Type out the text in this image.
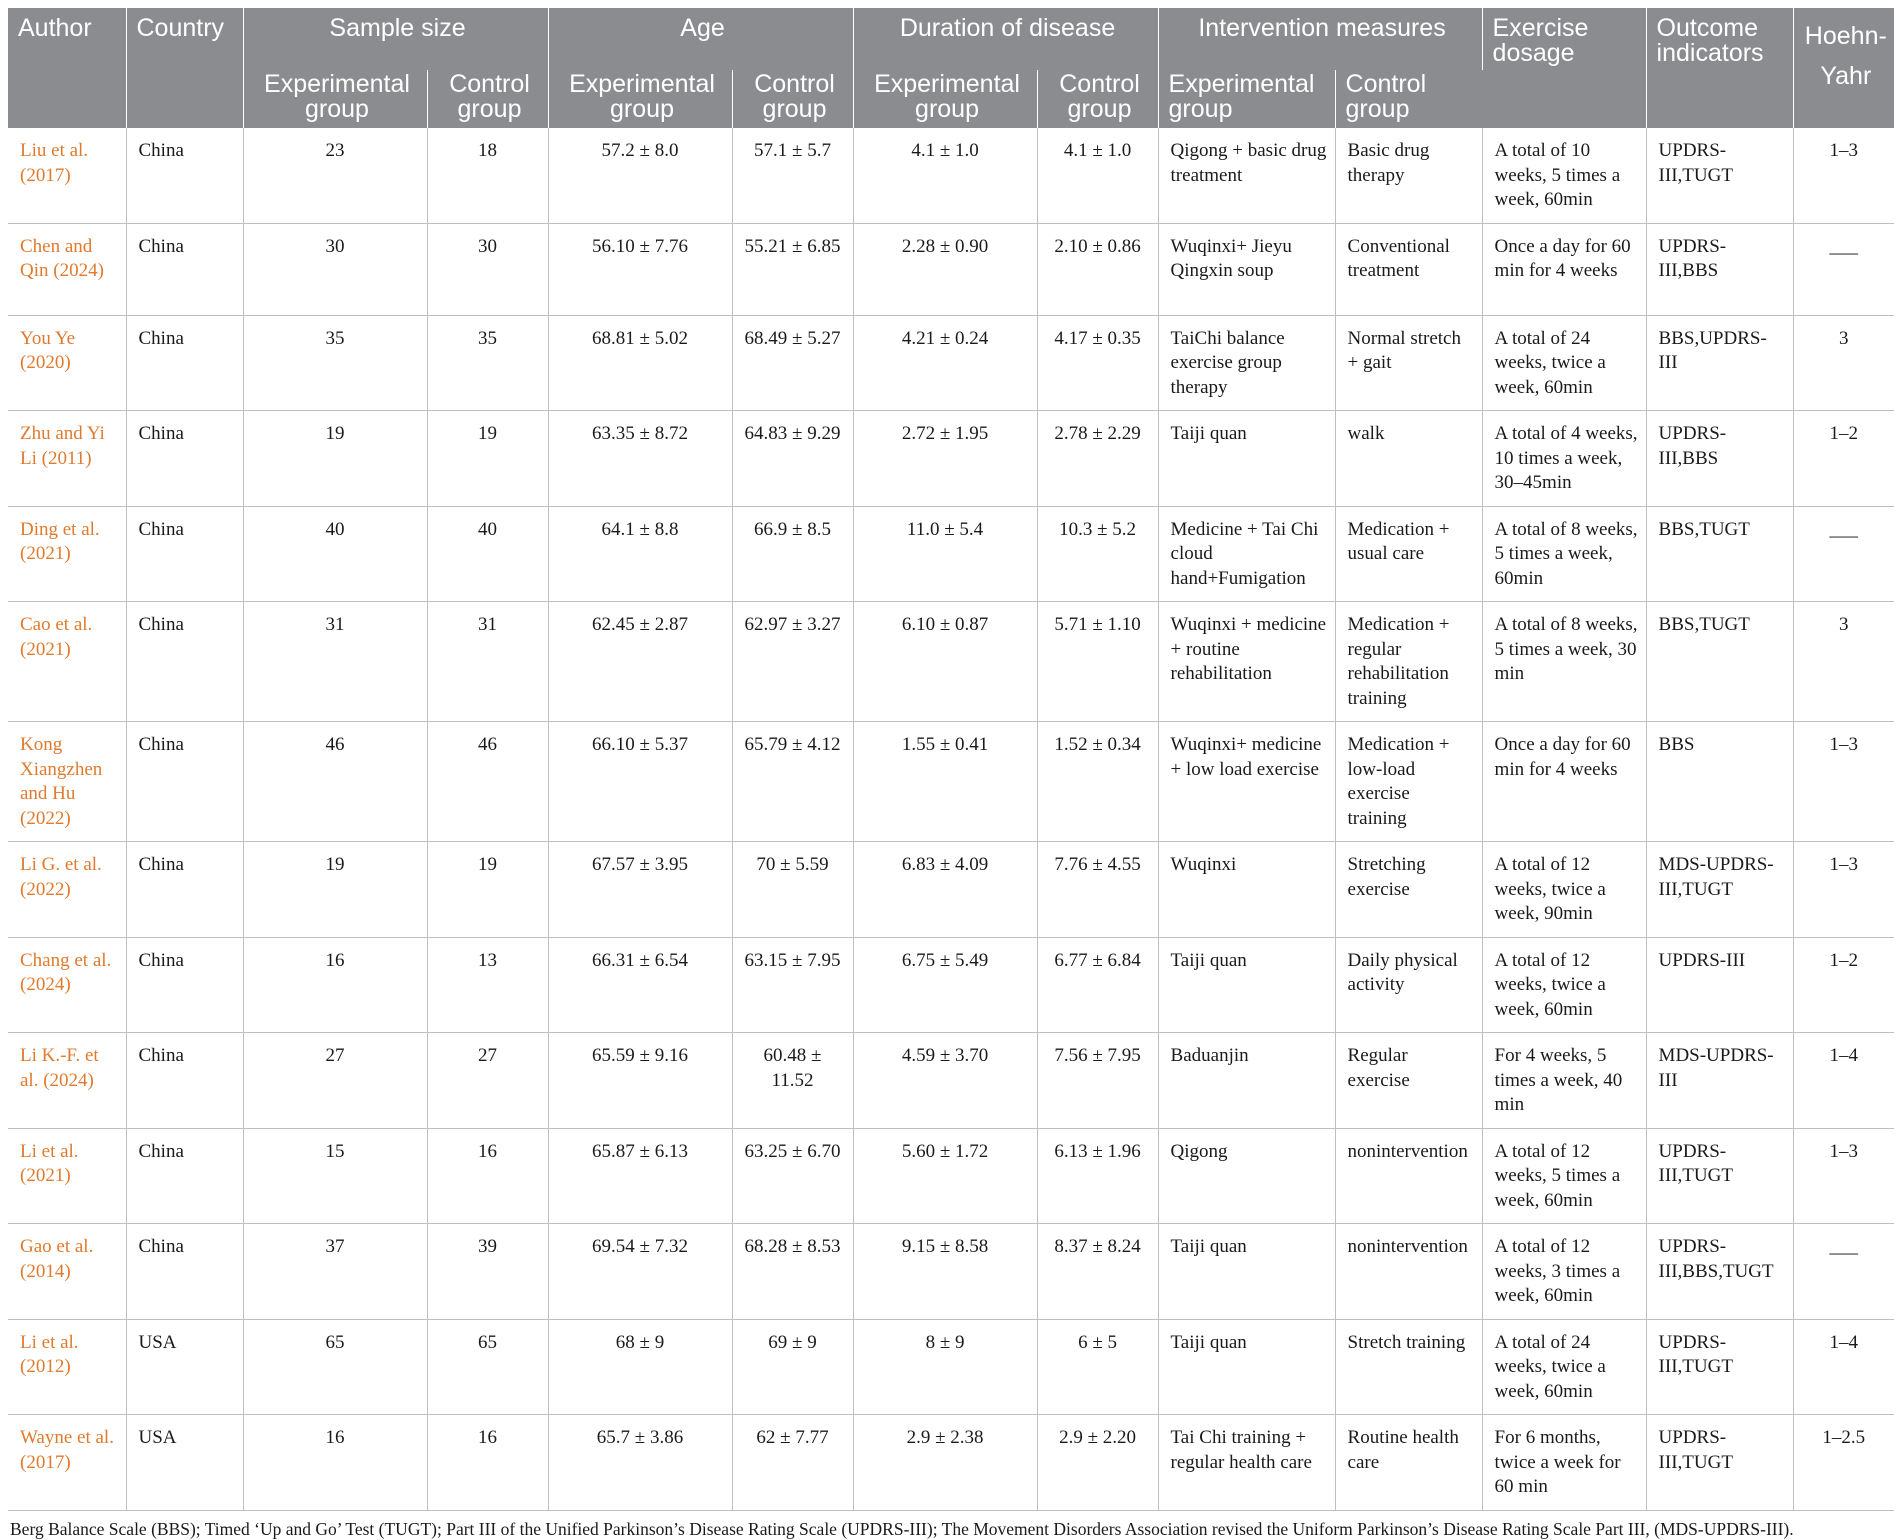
Author	Country	Sample size		Age		Duration of disease		Intervention measures		Exercise dosage	Outcome indicators	Hoehn-Yahr
		Experimental group	Control group	Experimental group	Control group	Experimental group	Control group	Experimental group	Control group			
Liu et al. (2017)	China	23	18	57.2 ± 8.0	57.1 ± 5.7	4.1 ± 1.0	4.1 ± 1.0	Qigong + basic drug treatment	Basic drug therapy	A total of 10 weeks, 5 times a week, 60min	UPDRS-III,TUGT	1–3
Chen and Qin (2024)	China	30	30	56.10 ± 7.76	55.21 ± 6.85	2.28 ± 0.90	2.10 ± 0.86	Wuqinxi+ Jieyu Qingxin soup	Conventional treatment	Once a day for 60 min for 4 weeks	UPDRS-III,BBS	___
You Ye (2020)	China	35	35	68.81 ± 5.02	68.49 ± 5.27	4.21 ± 0.24	4.17 ± 0.35	TaiChi balance exercise group therapy	Normal stretch + gait	A total of 24 weeks, twice a week, 60min	BBS,UPDRS-III	3
Zhu and Yi Li (2011)	China	19	19	63.35 ± 8.72	64.83 ± 9.29	2.72 ± 1.95	2.78 ± 2.29	Taiji quan	walk	A total of 4 weeks, 10 times a week, 30–45min	UPDRS-III,BBS	1–2
Ding et al. (2021)	China	40	40	64.1 ± 8.8	66.9 ± 8.5	11.0 ± 5.4	10.3 ± 5.2	Medicine + Tai Chi cloud hand+Fumigation	Medication + usual care	A total of 8 weeks, 5 times a week, 60min	BBS,TUGT	___
Cao et al. (2021)	China	31	31	62.45 ± 2.87	62.97 ± 3.27	6.10 ± 0.87	5.71 ± 1.10	Wuqinxi + medicine + routine rehabilitation	Medication + regular rehabilitation training	A total of 8 weeks, 5 times a week, 30 min	BBS,TUGT	3
Kong Xiangzhen and Hu (2022)	China	46	46	66.10 ± 5.37	65.79 ± 4.12	1.55 ± 0.41	1.52 ± 0.34	Wuqinxi+ medicine + low load exercise	Medication + low-load exercise training	Once a day for 60 min for 4 weeks	BBS	1–3
Li G. et al. (2022)	China	19	19	67.57 ± 3.95	70 ± 5.59	6.83 ± 4.09	7.76 ± 4.55	Wuqinxi	Stretching exercise	A total of 12 weeks, twice a week, 90min	MDS-UPDRS-III,TUGT	1–3
Chang et al. (2024)	China	16	13	66.31 ± 6.54	63.15 ± 7.95	6.75 ± 5.49	6.77 ± 6.84	Taiji quan	Daily physical activity	A total of 12 weeks, twice a week, 60min	UPDRS-III	1–2
Li K.-F. et al. (2024)	China	27	27	65.59 ± 9.16	60.48 ± 11.52	4.59 ± 3.70	7.56 ± 7.95	Baduanjin	Regular exercise	For 4 weeks, 5 times a week, 40 min	MDS-UPDRS-III	1–4
Li et al. (2021)	China	15	16	65.87 ± 6.13	63.25 ± 6.70	5.60 ± 1.72	6.13 ± 1.96	Qigong	nonintervention	A total of 12 weeks, 5 times a week, 60min	UPDRS-III,TUGT	1–3
Gao et al. (2014)	China	37	39	69.54 ± 7.32	68.28 ± 8.53	9.15 ± 8.58	8.37 ± 8.24	Taiji quan	nonintervention	A total of 12 weeks, 3 times a week, 60min	UPDRS-III,BBS,TUGT	___
Li et al. (2012)	USA	65	65	68 ± 9	69 ± 9	8 ± 9	6 ± 5	Taiji quan	Stretch training	A total of 24 weeks, twice a week, 60min	UPDRS-III,TUGT	1–4
Wayne et al. (2017)	USA	16	16	65.7 ± 3.86	62 ± 7.77	2.9 ± 2.38	2.9 ± 2.20	Tai Chi training + regular health care	Routine health care	For 6 months, twice a week for 60 min	UPDRS-III,TUGT	1–2.5
Berg Balance Scale (BBS); Timed ‘Up and Go’ Test (TUGT); Part III of the Unified Parkinson’s Disease Rating Scale (UPDRS-III); The Movement Disorders Association revised the Uniform Parkinson’s Disease Rating Scale Part III, (MDS-UPDRS-III).
